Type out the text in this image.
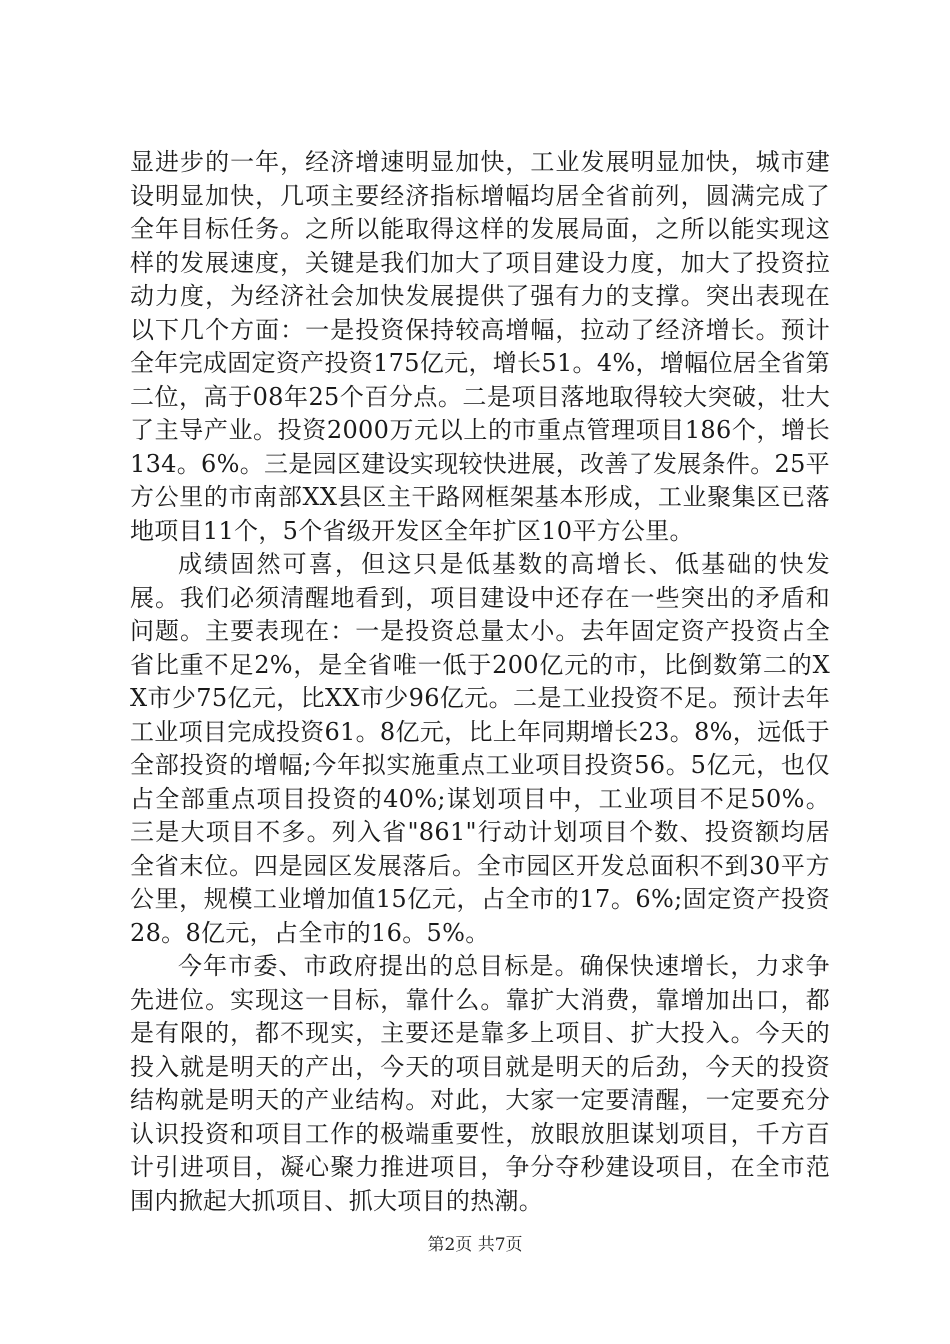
显进步的一年，经济增速明显加快，工业发展明显加快，城市建设明显加快，几项主要经济指标增幅均居全省前列，圆满完成了全年目标任务。之所以能取得这样的发展局面，之所以能实现这样的发展速度，关键是我们加大了项目建设力度，加大了投资拉动力度，为经济社会加快发展提供了强有力的支撑。突出表现在以下几个方面：一是投资保持较高增幅，拉动了经济增长。预计全年完成固定资产投资175亿元，增长51。4%，增幅位居全省第二位，高于08年25个百分点。二是项目落地取得较大突破，壮大了主导产业。投资2000万元以上的市重点管理项目186个，增长134。6%。三是园区建设实现较快进展，改善了发展条件。25平方公里的市南部XX县区主干路网框架基本形成，工业聚集区已落地项目11个，5个省级开发区全年扩区10平方公里。

成绩固然可喜，但这只是低基数的高增长、低基础的快发展。我们必须清醒地看到，项目建设中还存在一些突出的矛盾和问题。主要表现在：一是投资总量太小。去年固定资产投资占全省比重不足2%，是全省唯一低于200亿元的市，比倒数第二的XX市少75亿元，比XX市少96亿元。二是工业投资不足。预计去年工业项目完成投资61。8亿元，比上年同期增长23。8%，远低于全部投资的增幅;今年拟实施重点工业项目投资56。5亿元，也仅占全部重点项目投资的40%;谋划项目中，工业项目不足50%。三是大项目不多。列入省"861"行动计划项目个数、投资额均居全省末位。四是园区发展落后。全市园区开发总面积不到30平方公里，规模工业增加值15亿元，占全市的17。6%;固定资产投资28。8亿元，占全市的16。5%。

今年市委、市政府提出的总目标是。确保快速增长，力求争先进位。实现这一目标，靠什么。靠扩大消费，靠增加出口，都是有限的，都不现实，主要还是靠多上项目、扩大投入。今天的投入就是明天的产出，今天的项目就是明天的后劲，今天的投资结构就是明天的产业结构。对此，大家一定要清醒，一定要充分认识投资和项目工作的极端重要性，放眼放胆谋划项目，千方百计引进项目，凝心聚力推进项目，争分夺秒建设项目，在全市范围内掀起大抓项目、抓大项目的热潮。

第2页 共7页
